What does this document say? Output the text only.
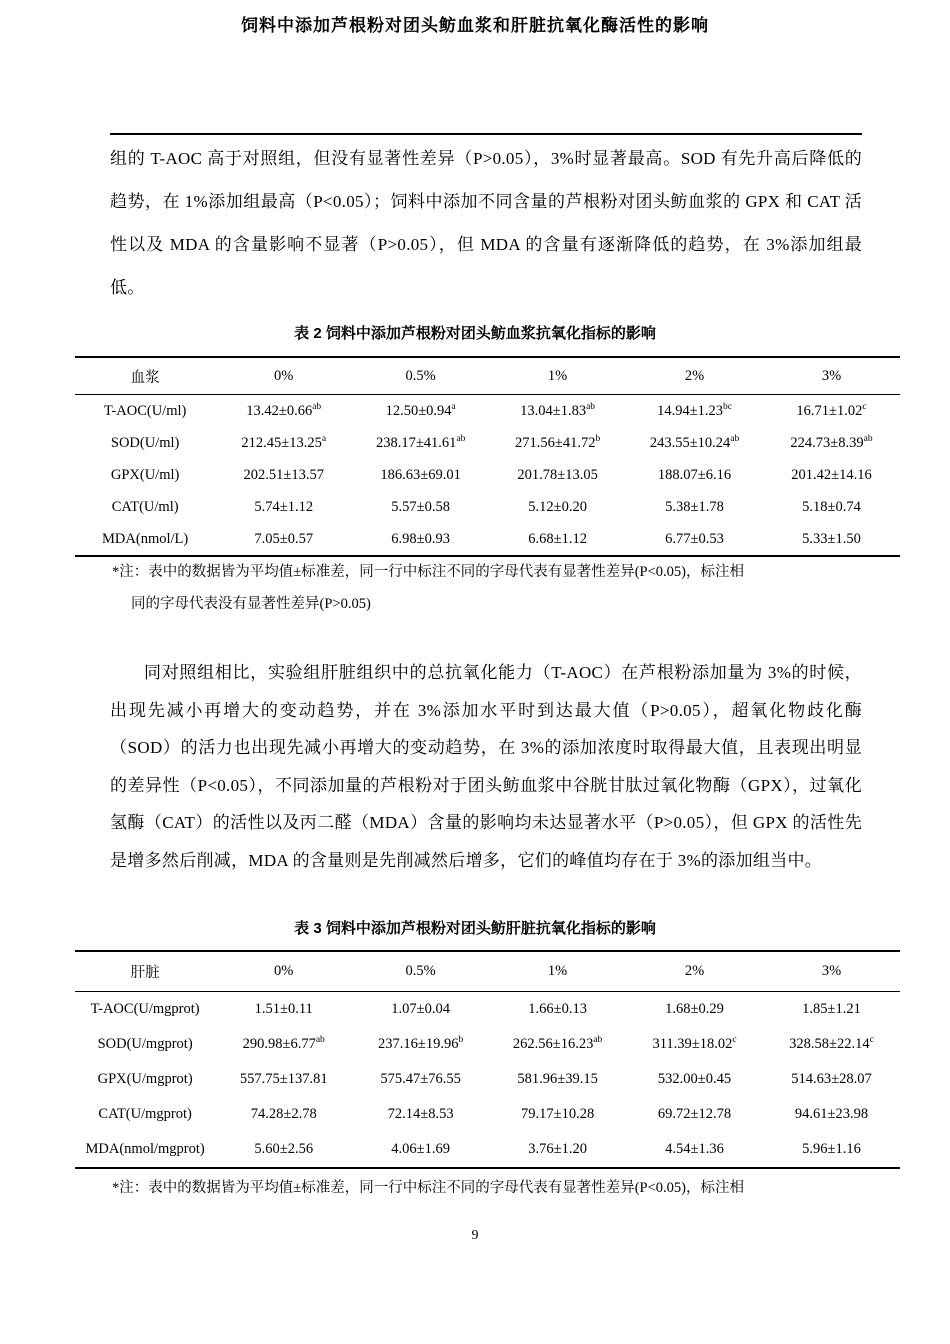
饲料中添加芦根粉对团头鲂血浆和肝脏抗氧化酶活性的影响

组的 T-AOC 高于对照组，但没有显著性差异（P>0.05），3%时显著最高。SOD 有先升高后降低的趋势，在 1%添加组最高（P<0.05）；饲料中添加不同含量的芦根粉对团头鲂血浆的 GPX 和 CAT 活性以及 MDA 的含量影响不显著（P>0.05），但 MDA 的含量有逐渐降低的趋势，在 3%添加组最低。

表 2 饲料中添加芦根粉对团头鲂血浆抗氧化指标的影响
血浆	0%	0.5%	1%	2%	3%
T-AOC(U/ml)	13.42±0.66$^{ab}$	12.50±0.94$^a$	13.04±1.83$^{ab}$	14.94±1.23$^{bc}$	16.71±1.02$^c$
SOD(U/ml)	212.45±13.25$^a$	238.17±41.61$^{ab}$	271.56±41.72$^b$	243.55±10.24$^{ab}$	224.73±8.39$^{ab}$
GPX(U/ml)	202.51±13.57	186.63±69.01	201.78±13.05	188.07±6.16	201.42±14.16
CAT(U/ml)	5.74±1.12	5.57±0.58	5.12±0.20	5.38±1.78	5.18±0.74
MDA(nmol/L)	7.05±0.57	6.98±0.93	6.68±1.12	6.77±0.53	5.33±1.50
*注：表中的数据皆为平均值±标准差，同一行中标注不同的字母代表有显著性差异(P<0.05)，标注相
同的字母代表没有显著性差异(P>0.05)

同对照组相比，实验组肝脏组织中的总抗氧化能力（T-AOC）在芦根粉添加量为 3%的时候，出现先减小再增大的变动趋势，并在 3%添加水平时到达最大值（P>0.05），超氧化物歧化酶（SOD）的活力也出现先减小再增大的变动趋势，在 3%的添加浓度时取得最大值，且表现出明显的差异性（P<0.05），不同添加量的芦根粉对于团头鲂血浆中谷胱甘肽过氧化物酶（GPX），过氧化氢酶（CAT）的活性以及丙二醛（MDA）含量的影响均未达显著水平（P>0.05），但 GPX 的活性先是增多然后削减，MDA 的含量则是先削减然后增多，它们的峰值均存在于 3%的添加组当中。

表 3 饲料中添加芦根粉对团头鲂肝脏抗氧化指标的影响
肝脏	0%	0.5%	1%	2%	3%
T-AOC(U/mgprot)	1.51±0.11	1.07±0.04	1.66±0.13	1.68±0.29	1.85±1.21
SOD(U/mgprot)	290.98±6.77$^{ab}$	237.16±19.96$^b$	262.56±16.23$^{ab}$	311.39±18.02$^c$	328.58±22.14$^c$
GPX(U/mgprot)	557.75±137.81	575.47±76.55	581.96±39.15	532.00±0.45	514.63±28.07
CAT(U/mgprot)	74.28±2.78	72.14±8.53	79.17±10.28	69.72±12.78	94.61±23.98
MDA(nmol/mgprot)	5.60±2.56	4.06±1.69	3.76±1.20	4.54±1.36	5.96±1.16
*注：表中的数据皆为平均值±标准差，同一行中标注不同的字母代表有显著性差异(P<0.05)，标注相
9
